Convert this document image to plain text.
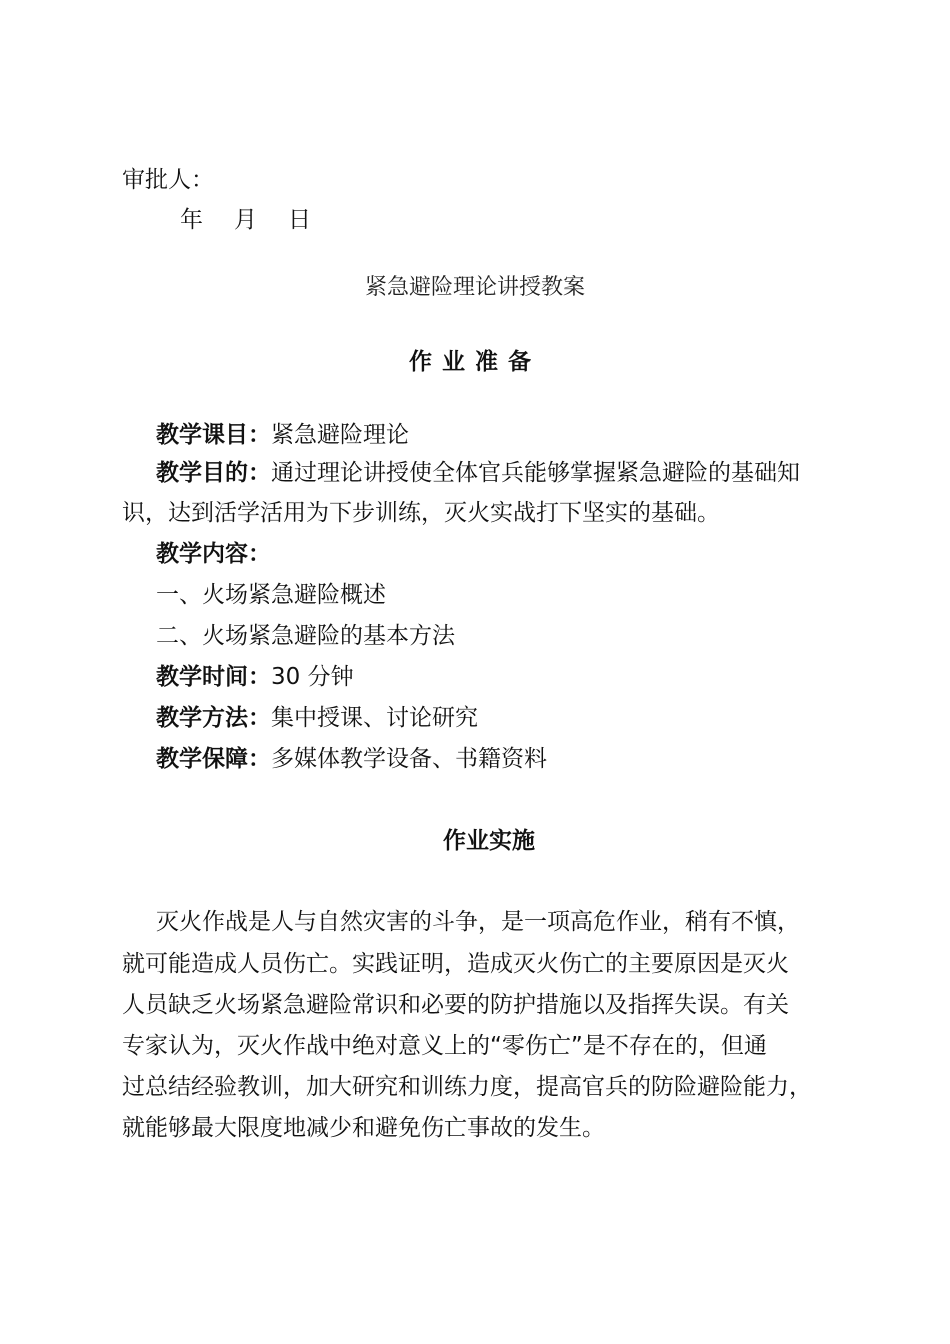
审批人：
年 月 日
紧急避险理论讲授教案
作业准备
教学课目：紧急避险理论
教学目的：通过理论讲授使全体官兵能够掌握紧急避险的基础知
识，达到活学活用为下步训练，灭火实战打下坚实的基础。
教学内容：
一、火场紧急避险概述
二、火场紧急避险的基本方法
教学时间：30 分钟
教学方法：集中授课、讨论研究
教学保障：多媒体教学设备、书籍资料
作业实施
灭火作战是人与自然灾害的斗争，是一项高危作业，稍有不慎，
就可能造成人员伤亡。实践证明，造成灭火伤亡的主要原因是灭火
人员缺乏火场紧急避险常识和必要的防护措施以及指挥失误。有关
专家认为，灭火作战中绝对意义上的“零伤亡”是不存在的，但通
过总结经验教训，加大研究和训练力度，提高官兵的防险避险能力，
就能够最大限度地减少和避免伤亡事故的发生。
